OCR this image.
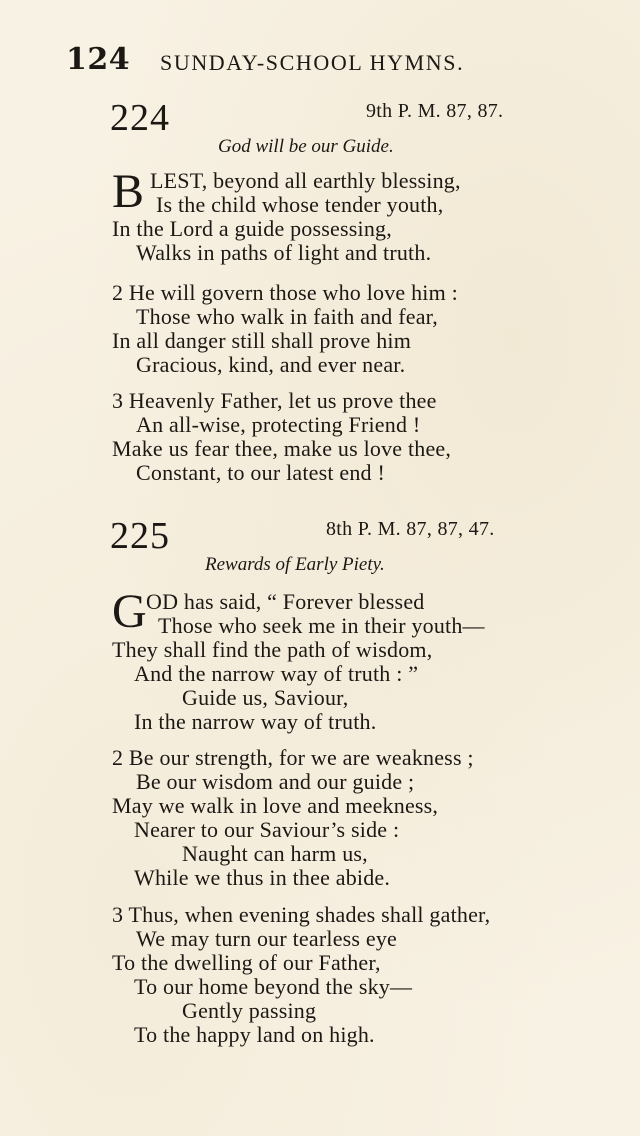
124 SUNDAY-SCHOOL HYMNS.
224	9th P. M. 87, 87.
God will be our Guide.
B LEST, beyond all earthly blessing,
Is the child whose tender youth,
In the Lord a guide possessing,
Walks in paths of light and truth.
2 He will govern those who love him :
Those who walk in faith and fear,
In all danger still shall prove him
Gracious, kind, and ever near.
3 Heavenly Father, let us prove thee
An all-wise, protecting Friend !
Make us fear thee, make us love thee,
Constant, to our latest end !
225	8th P. M. 87, 87, 47.
Rewards of Early Piety.
G OD has said, “ Forever blessed
Those who seek me in their youth—
They shall find the path of wisdom,
And the narrow way of truth : ”
Guide us, Saviour,
In the narrow way of truth.
2 Be our strength, for we are weakness ;
Be our wisdom and our guide ;
May we walk in love and meekness,
Nearer to our Saviour’s side :
Naught can harm us,
While we thus in thee abide.
3 Thus, when evening shades shall gather,
We may turn our tearless eye
To the dwelling of our Father,
To our home beyond the sky—
Gently passing
To the happy land on high.
